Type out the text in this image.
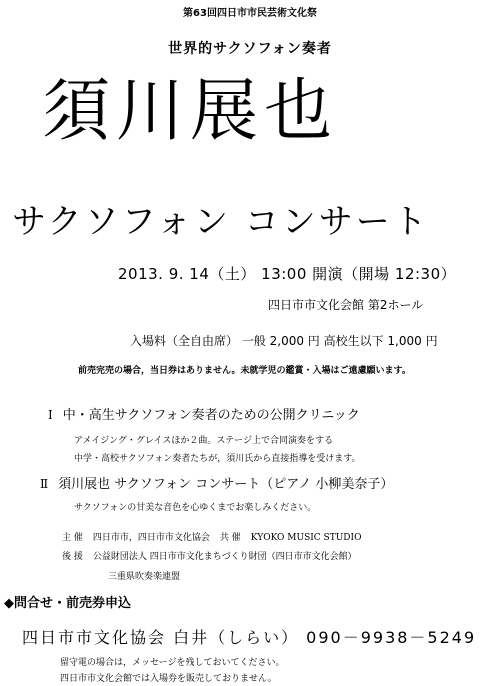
第63回四日市市民芸術文化祭
世界的サクソフォン奏者
須川展也
サクソフォン コンサート
2013. 9. 14（土） 13:00 開演（開場 12:30）
四日市市文化会館 第2ホール
入場料（全自由席） 一般 2,000 円 高校生以下 1,000 円
前売完売の場合，当日券はありません。未就学児の鑑賞・入場はご遠慮願います。
Ⅰ 中・高生サクソフォン奏者のための公開クリニック
アメイジング・グレイスほか２曲。ステージ上で合同演奏をする
中学・高校サクソフォン奏者たちが，須川氏から直接指導を受けます。
Ⅱ 須川展也 サクソフォン コンサート（ピアノ 小柳美奈子）
サクソフォンの甘美な音色を心ゆくまでお楽しみください。
主 催 四日市市，四日市市文化協会 共 催 KYOKO MUSIC STUDIO
後 援 公益財団法人 四日市市文化まちづくり財団（四日市市文化会館）
三重県吹奏楽連盟
◆問合せ・前売券申込
四日市市文化協会 白井（しらい） 090－9938－5249
留守電の場合は，メッセージを残しておいてください。
四日市市文化会館では入場券を販売しておりません。
